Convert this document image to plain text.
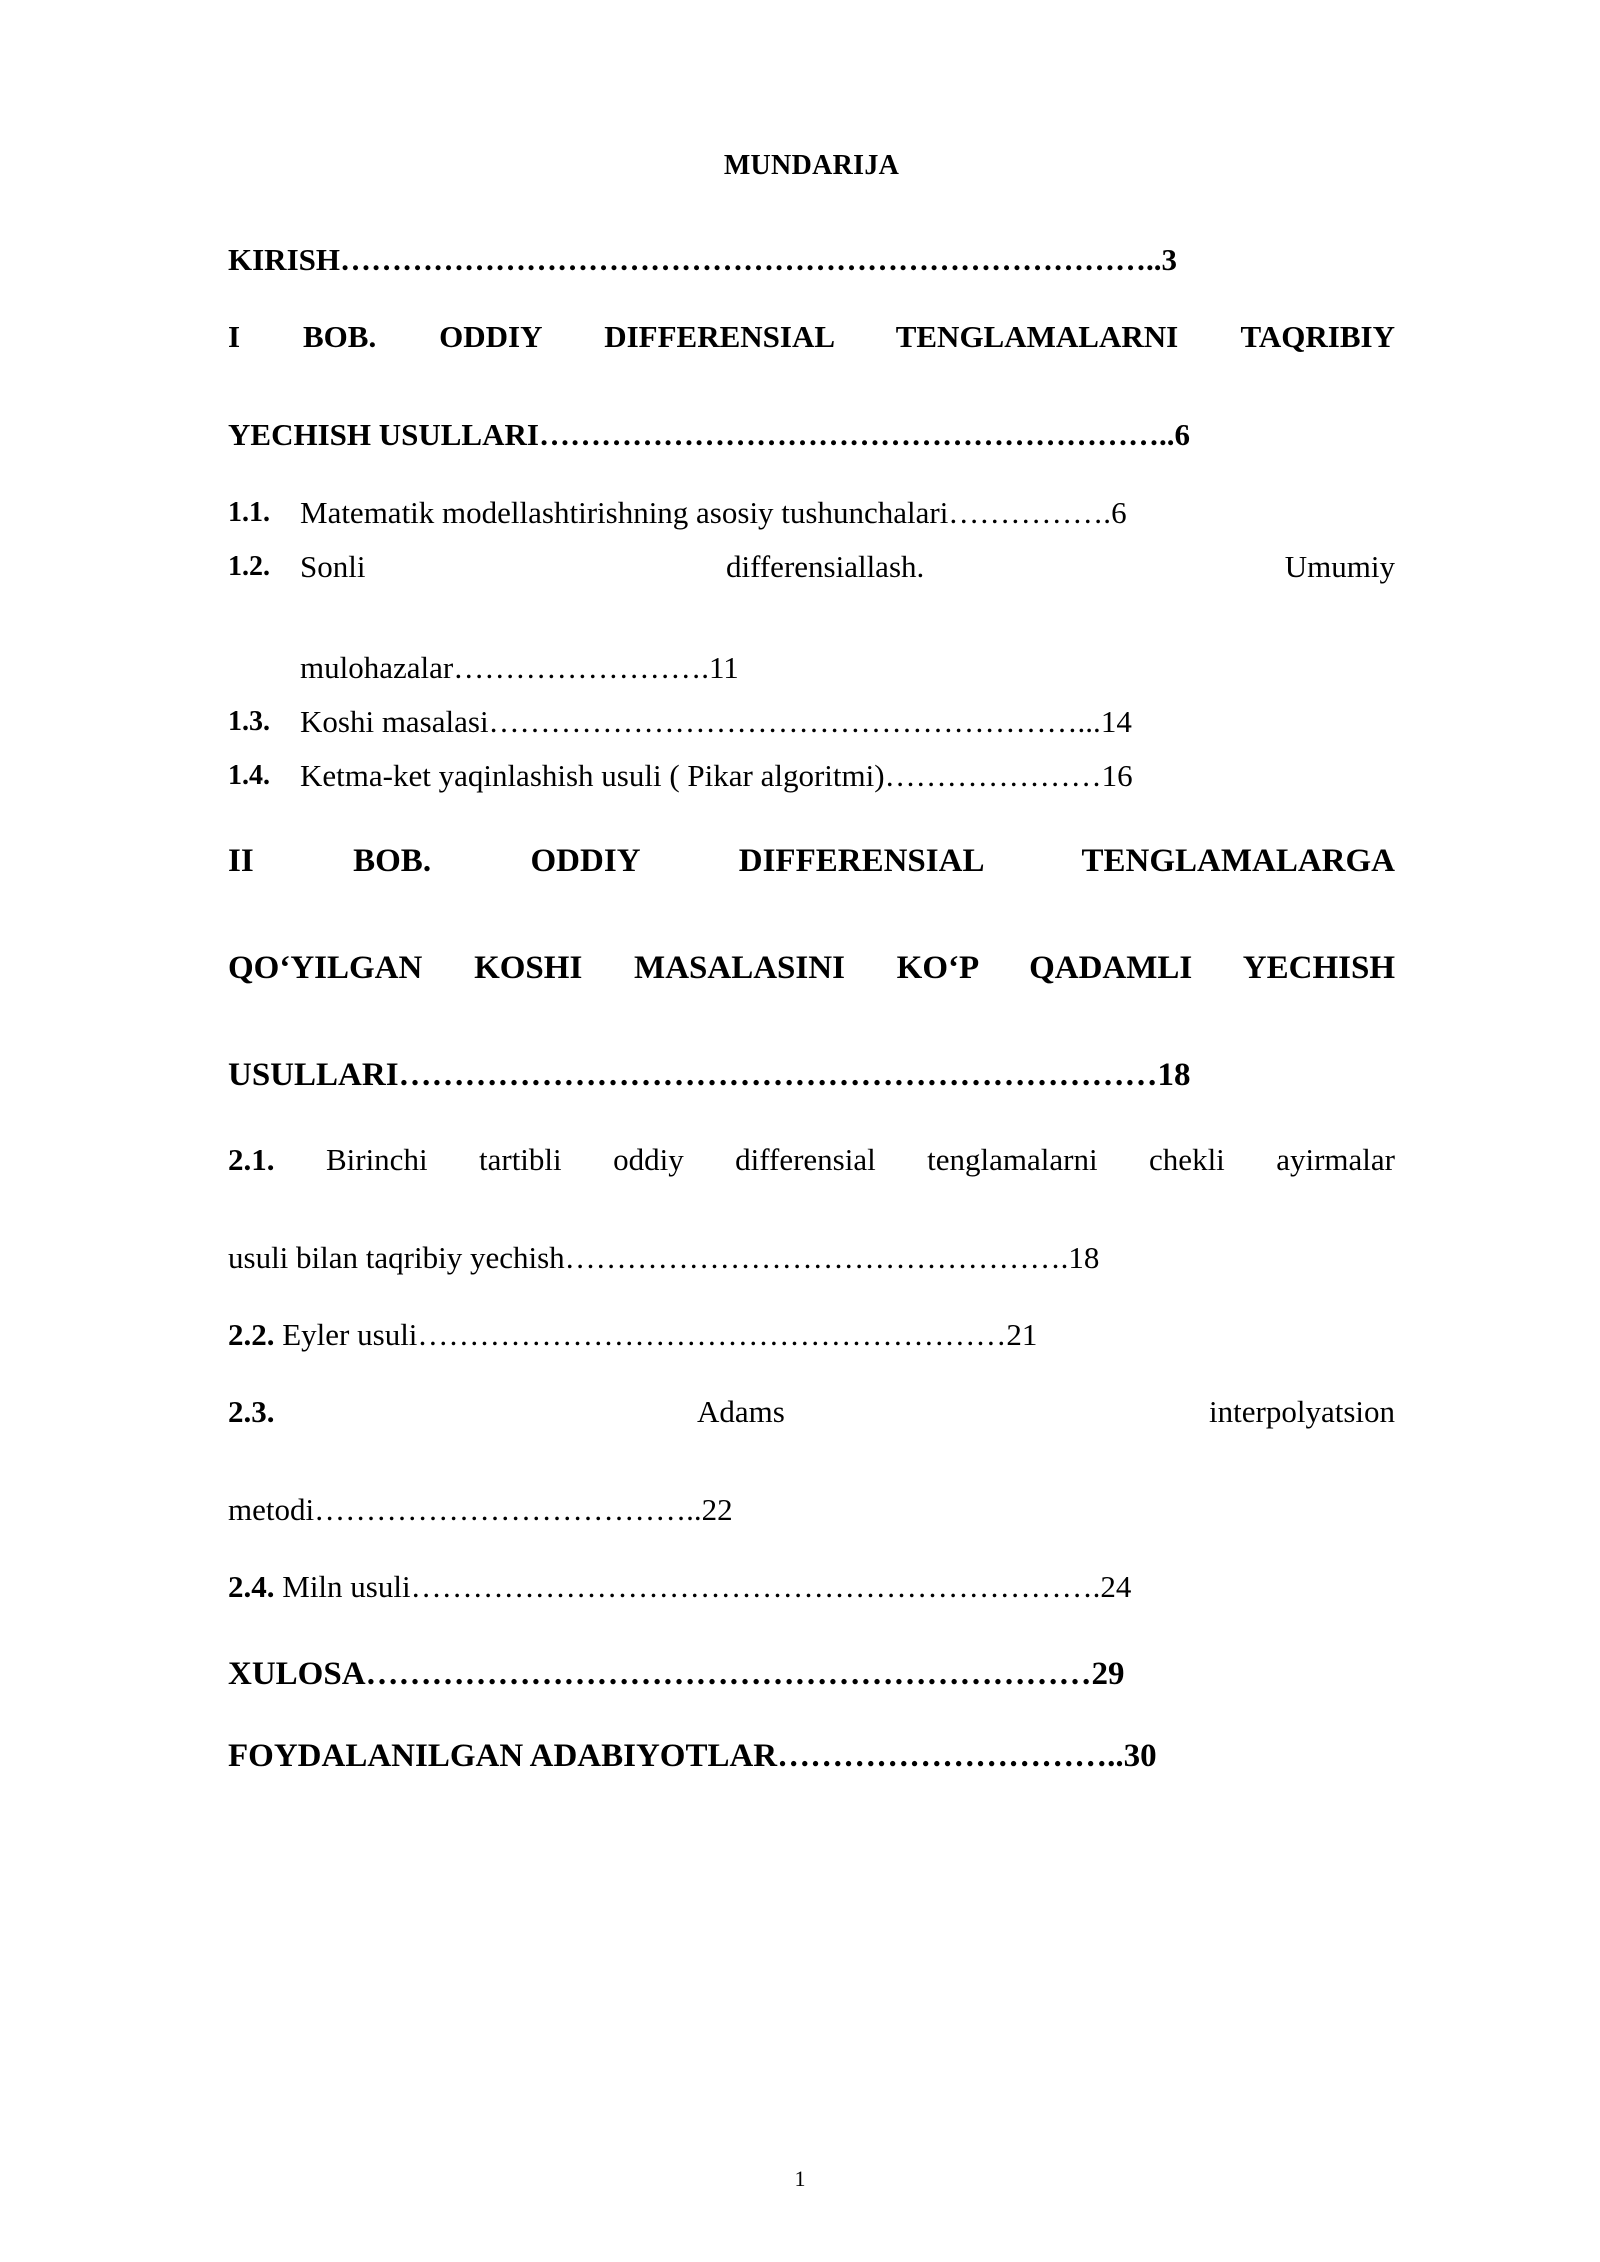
MUNDARIJA
KIRISH……………………………………………………………………..3
I BOB. ODDIY DIFFERENSIAL TENGLAMALARNI TAQRIBIY
YECHISH USULLARI……………………………………………………..6
1.1. Matematik modellashtirishning asosiy tushunchalari…………….6
1.2. Sonli differensiallash. Umumiy
mulohazalar…………………….11
1.3. Koshi masalasi…………………………………………………...14
1.4. Ketma-ket yaqinlashish usuli ( Pikar algoritmi)…………………16
II BOB. ODDIY DIFFERENSIAL TENGLAMALARGA
QO‘YILGAN KOSHI MASALASINI KO‘P QADAMLI YECHISH
USULLARI……………………………………………………………18
2.1. Birinchi tartibli oddiy differensial tenglamalarni chekli ayirmalar
usuli bilan taqribiy yechish………………………………………….18
2.2. Eyler usuli…………………………………………………21
2.3.	Adams interpolyatsion
metodi………………………………..22
2.4. Miln usuli………………………………………………………….24
XULOSA…………………………………………………………29
FOYDALANILGAN ADABIYOTLAR…………………………..30
1
